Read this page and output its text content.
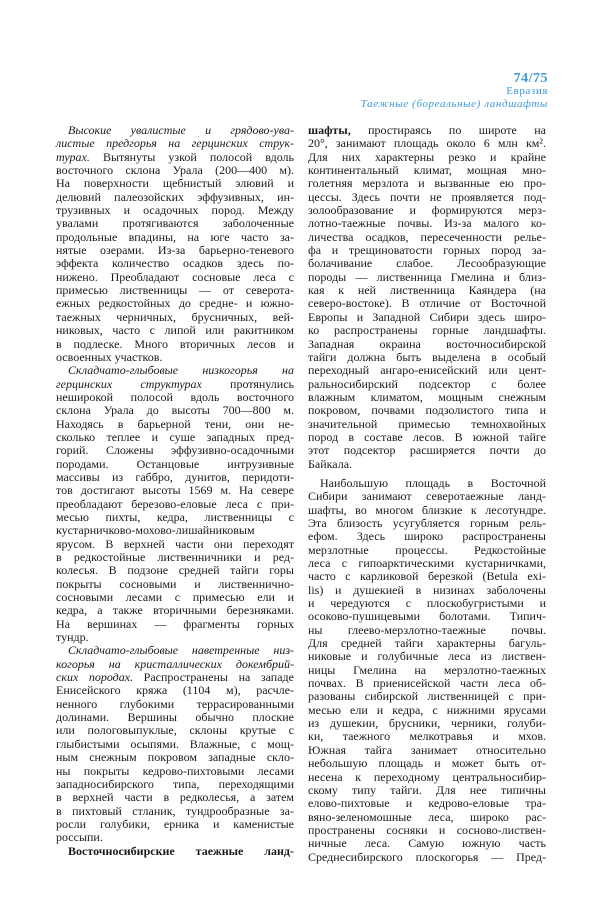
74/75
Евразия
Таежные (бореальные) ландшафты
Высокие увалистые и грядово-ува-
листые предгорья на герцинских струк-
турах. Вытянуты узкой полосой вдоль
восточного склона Урала (200—400 м).
На поверхности щебнистый элювий и
делювий палеозойских эффузивных, ин-
трузивных и осадочных пород. Между
увалами протягиваются заболоченные
продольные впадины, на юге часто за-
нятые озерами. Из-за барьерно-теневого
эффекта количество осадков здесь по-
нижено. Преобладают сосновые леса с
примесью лиственницы — от северота-
ежных редкостойных до средне- и южно-
таежных черничных, брусничных, вей-
никовых, часто с липой или ракитником
в подлеске. Много вторичных лесов и
освоенных участков.
Складчато-глыбовые низкогорья на
герцинских структурах протянулись
неширокой полосой вдоль восточного
склона Урала до высоты 700—800 м.
Находясь в барьерной тени, они не-
сколько теплее и суше западных пред-
горий. Сложены эффузивно-осадочными
породами. Останцовые интрузивные
массивы из габбро, дунитов, перидоти-
тов достигают высоты 1569 м. На севере
преобладают березово-еловые леса с при-
месью пихты, кедра, лиственницы с
кустарничково-мохово-лишайниковым
ярусом. В верхней части они переходят
в редкостойные лиственничники и ред-
колесья. В подзоне средней тайги горы
покрыты сосновыми и лиственнично-
сосновыми лесами с примесью ели и
кедра, а также вторичными березняками.
На вершинах — фрагменты горных
тундр.
Складчато-глыбовые наветренные низ-
когорья на кристаллических докембрий-
ских породах. Распространены на западе
Енисейского кряжа (1104 м), расчле-
ненного глубокими террасированными
долинами. Вершины обычно плоские
или пологовыпуклые, склоны крутые с
глыбистыми осыпями. Влажные, с мощ-
ным снежным покровом западные скло-
ны покрыты кедрово-пихтовыми лесами
западносибирского типа, переходящими
в верхней части в редколесья, а затем
в пихтовый стланик, тундрообразные за-
росли голубики, ерника и каменистые
россыпи.
Восточносибирские таежные ланд-
шафты, простираясь по широте на
20°, занимают площадь около 6 млн км².
Для них характерны резко и крайне
континентальный климат, мощная мно-
голетняя мерзлота и вызванные ею про-
цессы. Здесь почти не проявляется под-
золообразование и формируются мерз-
лотно-таежные почвы. Из-за малого ко-
личества осадков, пересеченности релье-
фа и трещиноватости горных пород за-
болачивание слабое. Лесообразующие
породы — лиственница Гмелина и близ-
кая к ней лиственница Каяндера (на
северо-востоке). В отличие от Восточной
Европы и Западной Сибири здесь широ-
ко распространены горные ландшафты.
Западная окраина восточносибирской
тайги должна быть выделена в особый
переходный ангаро-енисейский или цент-
ральносибирский подсектор с более
влажным климатом, мощным снежным
покровом, почвами подзолистого типа и
значительной примесью темнохвойных
пород в составе лесов. В южной тайге
этот подсектор расширяется почти до
Байкала.
Наибольшую площадь в Восточной
Сибири занимают северотаежные ланд-
шафты, во многом близкие к лесотундре.
Эта близость усугубляется горным рель-
ефом. Здесь широко распространены
мерзлотные процессы. Редкостойные
леса с гипоарктическими кустарничками,
часто с карликовой березкой (Betula exi-
lis) и душекией в низинах заболочены
и чередуются с плоскобугристыми и
осоково-пушицевыми болотами. Типич-
ны глеево-мерзлотно-таежные почвы.
Для средней тайги характерны багуль-
никовые и голубичные леса из листвен-
ницы Гмелина на мерзлотно-таежных
почвах. В приенисейской части леса об-
разованы сибирской лиственницей с при-
месью ели и кедра, с нижними ярусами
из душекии, брусники, черники, голуби-
ки, таежного мелкотравья и мхов.
Южная тайга занимает относительно
небольшую площадь и может быть от-
несена к переходному центральносибир-
скому типу тайги. Для нее типичны
елово-пихтовые и кедрово-еловые тра-
вяно-зеленомошные леса, широко рас-
пространены сосняки и сосново-листвен-
ничные леса. Самую южную часть
Среднесибирского плоскогорья — Пред-
